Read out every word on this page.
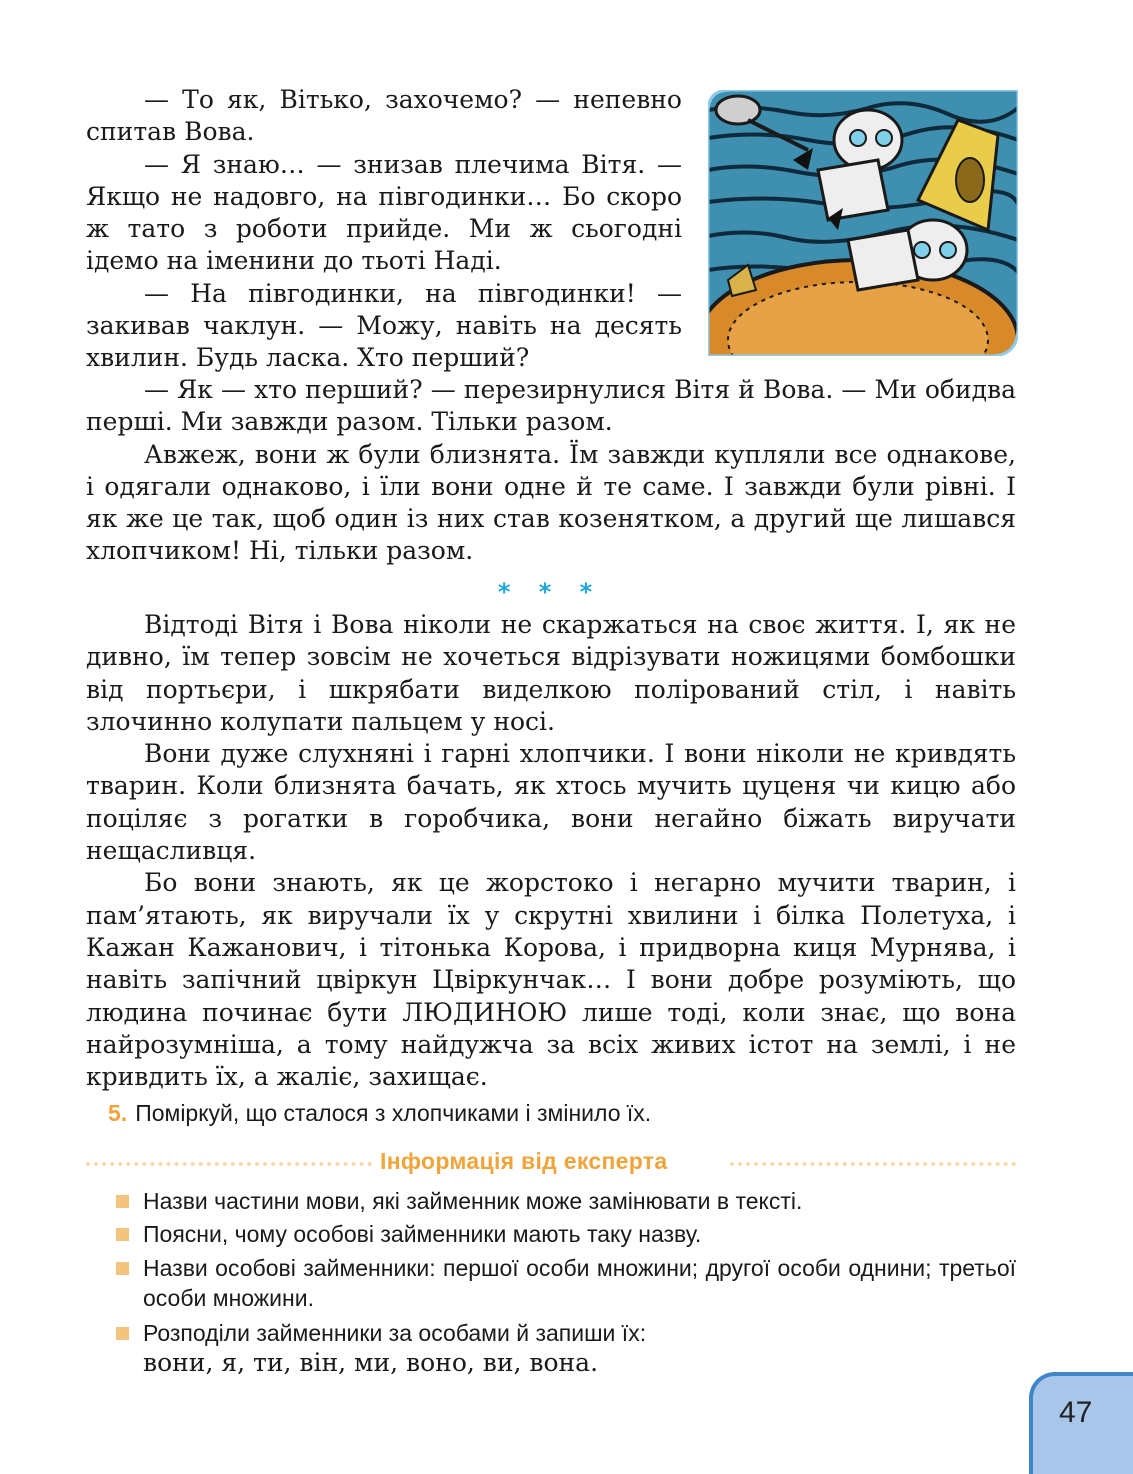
— То як, Вітько, захочемо? — непевно спитав Вова.

— Я знаю… — знизав плечима Вітя. — Якщо не надовго, на півгодинки… Бо скоро ж тато з роботи прийде. Ми ж сьогодні ідемо на іменини до тьоті Наді.

— На півгодинки, на півгодинки! — закивав чаклун. — Можу, навіть на десять хвилин. Будь ласка. Хто перший?

— Як — хто перший? — перезирнулися Вітя й Вова. — Ми обидва перші. Ми завжди разом. Тільки разом.

Авжеж, вони ж були близнята. Їм завжди купляли все однакове, і одягали однаково, і їли вони одне й те саме. І завжди були рівні. І як же це так, щоб один із них став козенятком, а другий ще лишався хлопчиком! Ні, тільки разом.

* * *

Відтоді Вітя і Вова ніколи не скаржаться на своє життя. І, як не дивно, їм тепер зовсім не хочеться відрізувати ножицями бомбошки від портьєри, і шкрябати виделкою полірований стіл, і навіть злочинно колупати пальцем у носі.

Вони дуже слухняні і гарні хлопчики. І вони ніколи не кривдять тварин. Коли близнята бачать, як хтось мучить цуценя чи кицю або поціляє з рогатки в горобчика, вони негайно біжать виручати нещасливця.

Бо вони знають, як це жорстоко і негарно мучити тварин, і пам’ятають, як виручали їх у скрутні хвилини і білка Полетуха, і Кажан Кажанович, і тітонька Корова, і придворна киця Мурнява, і навіть запічний цвіркун Цвіркунчак… І вони добре розуміють, що людина починає бути ЛЮДИНОЮ лише тоді, коли знає, що вона найрозумніша, а тому найдужча за всіх живих істот на землі, і не кривдить їх, а жаліє, захищає.

5. Поміркуй, що сталося з хлопчиками і змінило їх.
Інформація від експерта
Назви частини мови, які займенник може замінювати в тексті.
Поясни, чому особові займенники мають таку назву.
Назви особові займенники: першої особи множини; другої особи однини; третьої особи множини.
Розподіли займенники за особами й запиши їх:
вони, я, ти, він, ми, воно, ви, вона.
47
